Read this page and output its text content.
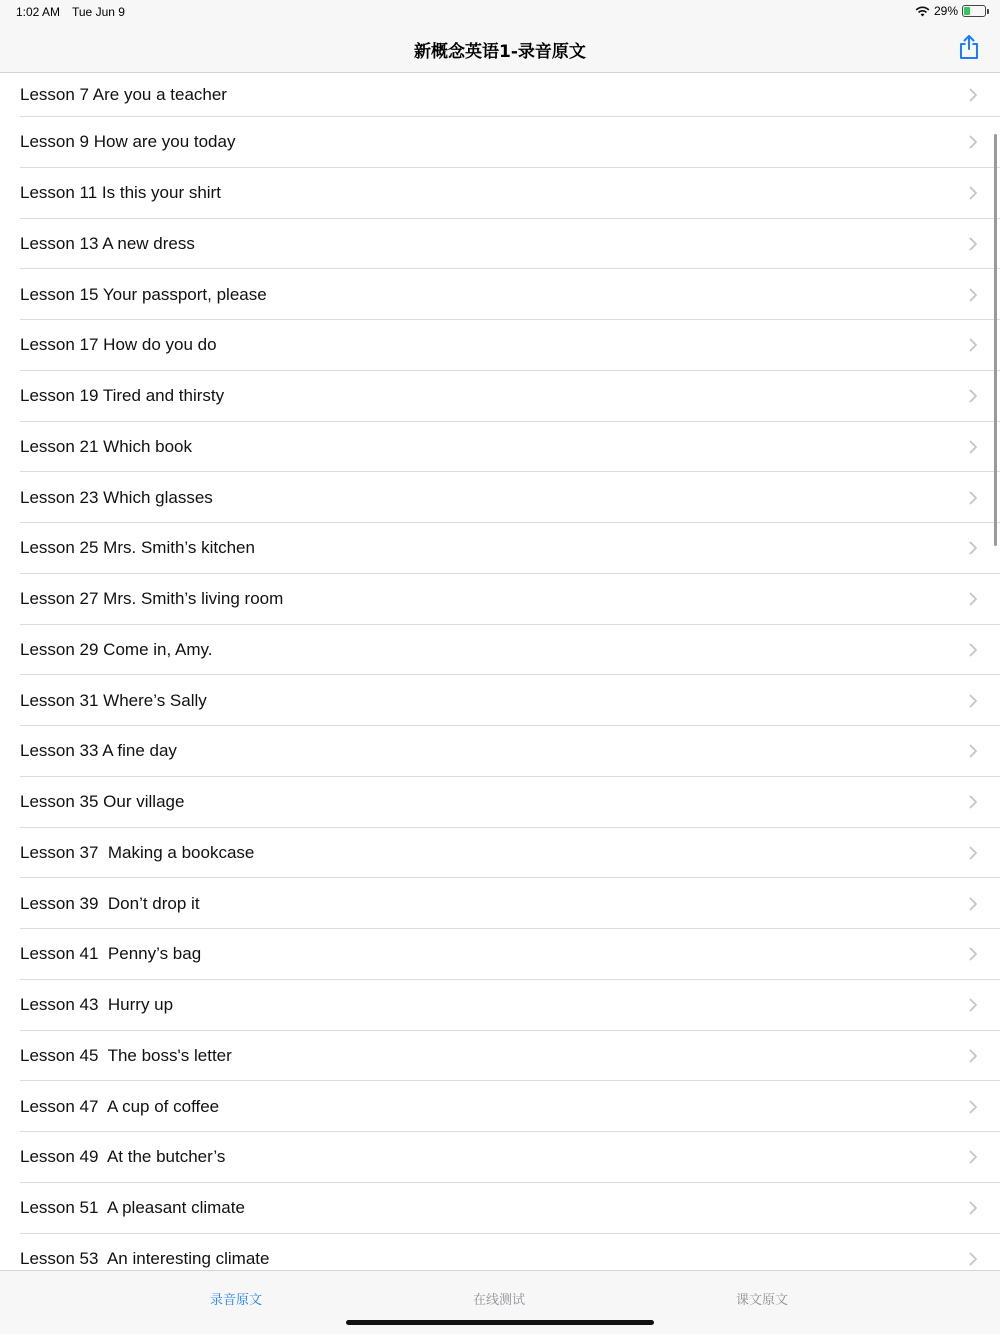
1:02 AM Tue Jun 9	29%
新概念英语1-录音原文
Lesson 7 Are you a teacher
Lesson 9 How are you today
Lesson 11 Is this your shirt
Lesson 13 A new dress
Lesson 15 Your passport, please
Lesson 17 How do you do
Lesson 19 Tired and thirsty
Lesson 21 Which book
Lesson 23 Which glasses
Lesson 25 Mrs. Smith’s kitchen
Lesson 27 Mrs. Smith’s living room
Lesson 29 Come in, Amy.
Lesson 31 Where’s Sally
Lesson 33 A fine day
Lesson 35 Our village
Lesson 37  Making a bookcase
Lesson 39  Don’t drop it
Lesson 41  Penny’s bag
Lesson 43  Hurry up
Lesson 45  The boss's letter
Lesson 47  A cup of coffee
Lesson 49  At the butcher’s
Lesson 51  A pleasant climate
Lesson 53  An interesting climate
录音原文	在线测试	课文原文
